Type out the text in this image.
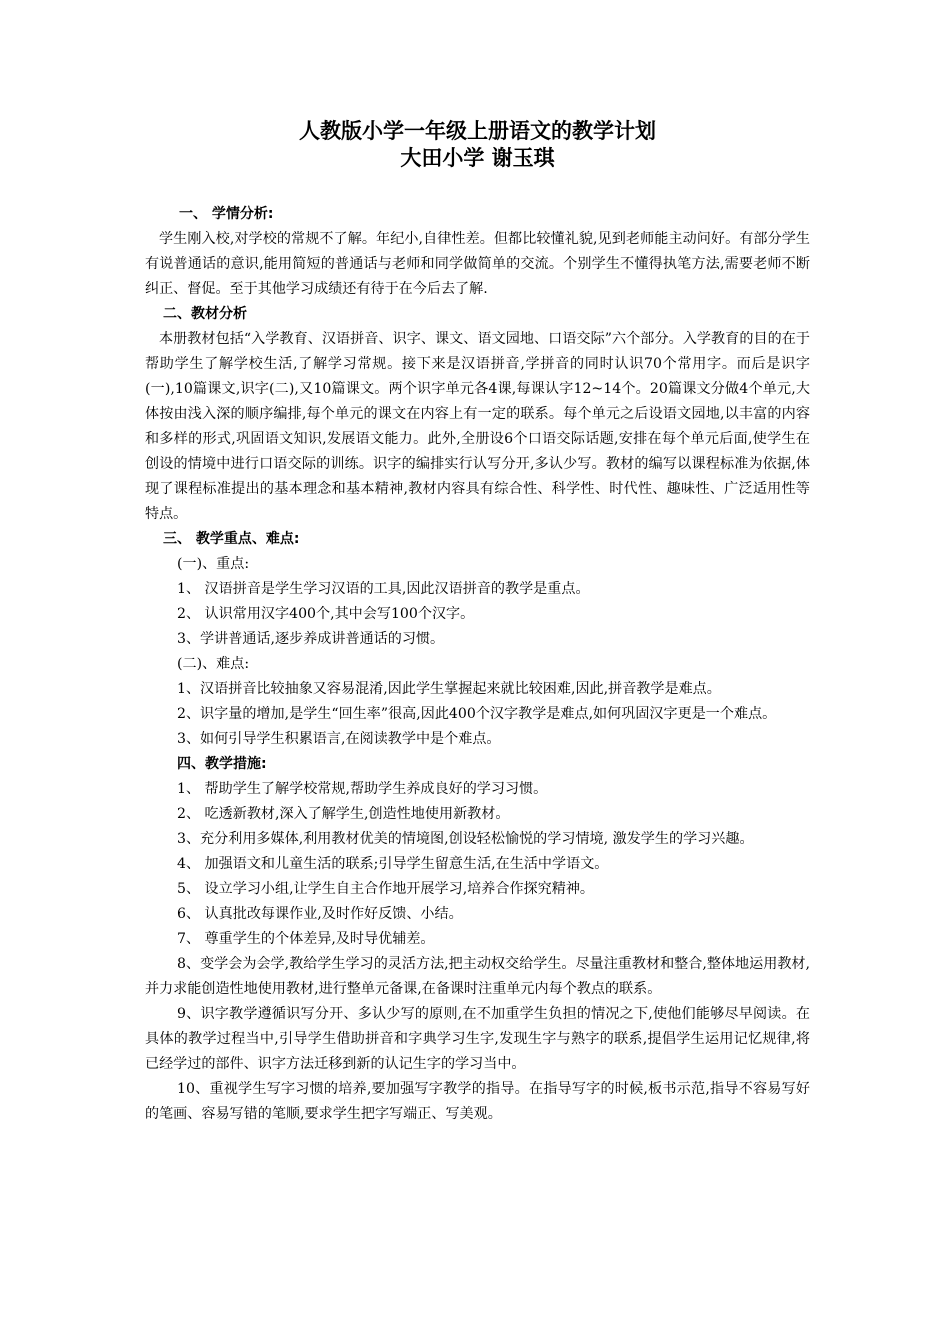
人教版小学一年级上册语文的教学计划
大田小学 谢玉琪
一、 学情分析:

学生刚入校,对学校的常规不了解。年纪小,自律性差。但都比较懂礼貌,见到老师能主动问好。有部分学生有说普通话的意识,能用简短的普通话与老师和同学做简单的交流。个别学生不懂得执笔方法,需要老师不断纠正、督促。至于其他学习成绩还有待于在今后去了解.

二、教材分析

本册教材包括“入学教育、汉语拼音、识字、课文、语文园地、口语交际”六个部分。入学教育的目的在于帮助学生了解学校生活,了解学习常规。接下来是汉语拼音,学拼音的同时认识70个常用字。而后是识字 (一),10篇课文,识字(二),又10篇课文。两个识字单元各4课,每课认字12~14个。20篇课文分做4个单元,大体按由浅入深的顺序编排,每个单元的课文在内容上有一定的联系。每个单元之后设语文园地,以丰富的内容和多样的形式,巩固语文知识,发展语文能力。此外,全册设6个口语交际话题,安排在每个单元后面,使学生在创设的情境中进行口语交际的训练。识字的编排实行认写分开,多认少写。教材的编写以课程标准为依据,体现了课程标准提出的基本理念和基本精神,教材内容具有综合性、科学性、时代性、趣味性、广泛适用性等特点。

三、 教学重点、难点:

(一)、重点:

1、 汉语拼音是学生学习汉语的工具,因此汉语拼音的教学是重点。

2、 认识常用汉字400个,其中会写100个汉字。

3、学讲普通话,逐步养成讲普通话的习惯。

(二)、难点:

1、汉语拼音比较抽象又容易混淆,因此学生掌握起来就比较困难,因此,拼音教学是难点。

2、识字量的增加,是学生“回生率”很高,因此400个汉字教学是难点,如何巩固汉字更是一个难点。

3、如何引导学生积累语言,在阅读教学中是个难点。

四、教学措施:

1、 帮助学生了解学校常规,帮助学生养成良好的学习习惯。

2、 吃透新教材,深入了解学生,创造性地使用新教材。

3、充分利用多媒体,利用教材优美的情境图,创设轻松愉悦的学习情境, 激发学生的学习兴趣。

4、 加强语文和儿童生活的联系;引导学生留意生活,在生活中学语文。

5、 设立学习小组,让学生自主合作地开展学习,培养合作探究精神。

6、 认真批改每课作业,及时作好反馈、小结。

7、 尊重学生的个体差异,及时导优辅差。

8、变学会为会学,教给学生学习的灵活方法,把主动权交给学生。尽量注重教材和整合,整体地运用教材,并力求能创造性地使用教材,进行整单元备课,在备课时注重单元内每个教点的联系。

9、识字教学遵循识写分开、多认少写的原则,在不加重学生负担的情况之下,使他们能够尽早阅读。在具体的教学过程当中,引导学生借助拼音和字典学习生字,发现生字与熟字的联系,提倡学生运用记忆规律,将已经学过的部件、识字方法迁移到新的认记生字的学习当中。

10、重视学生写字习惯的培养,要加强写字教学的指导。在指导写字的时候,板书示范,指导不容易写好的笔画、容易写错的笔顺,要求学生把字写端正、写美观。
